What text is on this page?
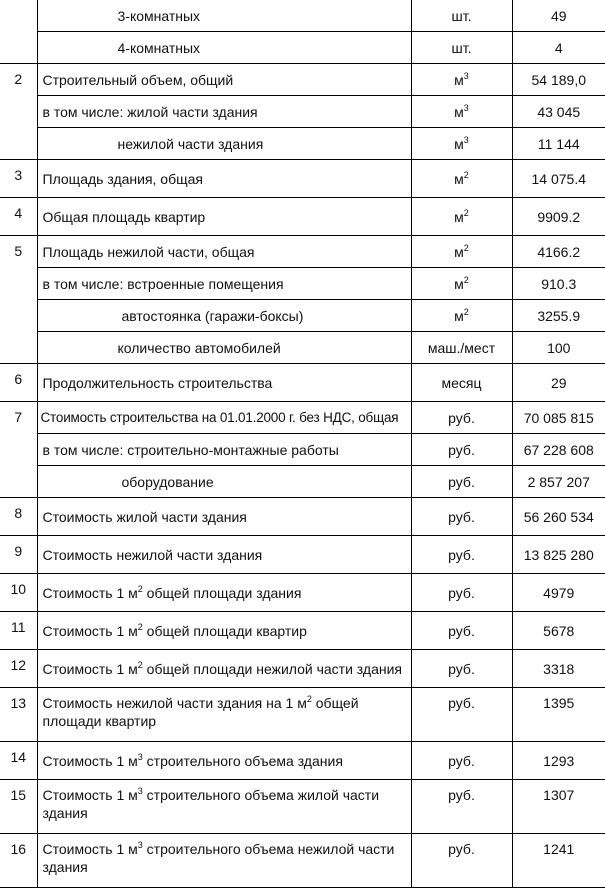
	3-комнатных	шт.	49
	4-комнатных	шт.	4
2	Строительный объем, общий	$м^3$	54 189,0
	в том числе: жилой части здания	$м^3$	43 045
	нежилой части здания	$м^3$	11 144
3	Площадь здания, общая	$м^2$	14 075.4
4	Общая площадь квартир	$м^2$	9909.2
5	Площадь нежилой части, общая	$м^2$	4166.2
	в том числе: встроенные помещения	$м^2$	910.3
	автостоянка (гаражи-боксы)	$м^2$	3255.9
	количество автомобилей	маш./мест	100
6	Продолжительность строительства	месяц	29
7	Стоимость строительства на 01.01.2000 г. без НДС, общая	руб.	70 085 815
	в том числе: строительно-монтажные работы	руб.	67 228 608
	оборудование	руб.	2 857 207
8	Стоимость жилой части здания	руб.	56 260 534
9	Стоимость нежилой части здания	руб.	13 825 280
10	Стоимость 1 $м^2$ общей площади здания	руб.	4979
11	Стоимость 1 $м^2$ общей площади квартир	руб.	5678
12	Стоимость 1 $м^2$ общей площади нежилой части здания	руб.	3318
13	Стоимость нежилой части здания на 1 $м^2$ общей площади квартир	руб.	1395
14	Стоимость 1 $м^3$ строительного объема здания	руб.	1293
15	Стоимость 1 $м^3$ строительного объема жилой части здания	руб.	1307
16	Стоимость 1 $м^3$ строительного объема нежилой части здания	руб.	1241
